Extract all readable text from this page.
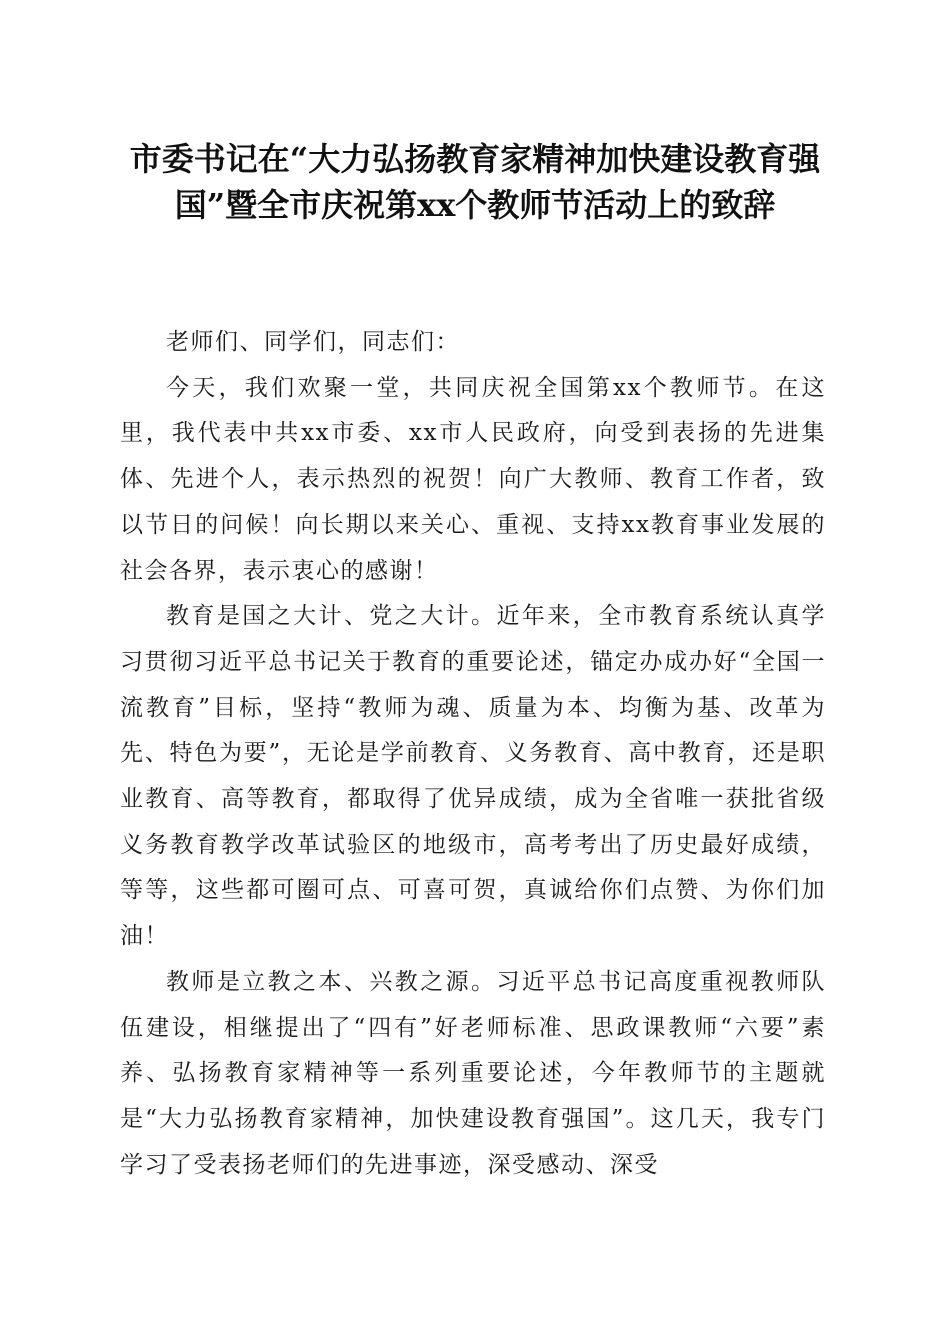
市委书记在“大力弘扬教育家精神加快建设教育强国”暨全市庆祝第xx个教师节活动上的致辞

老师们、同学们，同志们：

今天，我们欢聚一堂，共同庆祝全国第xx个教师节。在这里，我代表中共xx市委、xx市人民政府，向受到表扬的先进集体、先进个人，表示热烈的祝贺！向广大教师、教育工作者，致以节日的问候！向长期以来关心、重视、支持xx教育事业发展的社会各界，表示衷心的感谢！

教育是国之大计、党之大计。近年来，全市教育系统认真学习贯彻习近平总书记关于教育的重要论述，锚定办成办好“全国一流教育”目标，坚持“教师为魂、质量为本、均衡为基、改革为先、特色为要”，无论是学前教育、义务教育、高中教育，还是职业教育、高等教育，都取得了优异成绩，成为全省唯一获批省级义务教育教学改革试验区的地级市，高考考出了历史最好成绩，等等，这些都可圈可点、可喜可贺，真诚给你们点赞、为你们加油！

教师是立教之本、兴教之源。习近平总书记高度重视教师队伍建设，相继提出了“四有”好老师标准、思政课教师“六要”素养、弘扬教育家精神等一系列重要论述，今年教师节的主题就是“大力弘扬教育家精神，加快建设教育强国”。这几天，我专门学习了受表扬老师们的先进事迹，深受感动、深受
